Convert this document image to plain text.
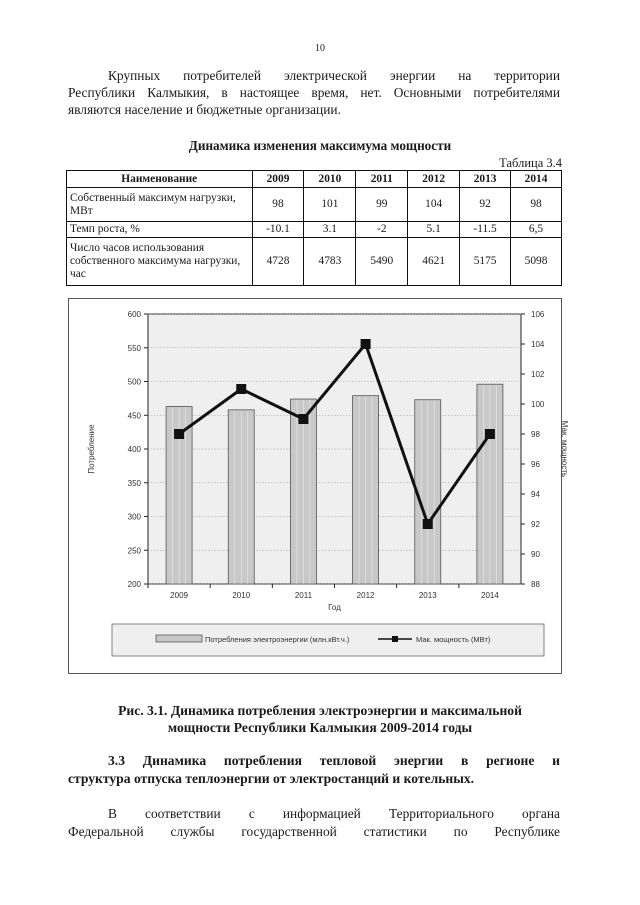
10

Крупных потребителей электрической энергии на территории
Республики Калмыкия, в настоящее время, нет. Основными потребителями
являются население и бюджетные организации.

Динамика изменения максимума мощности
Таблица 3.4
Наименование	2009	2010	2011	2012	2013	2014
Собственный максимум нагрузки, МВт	98	101	99	104	92	98
Темп роста, %	-10.1	3.1	-2	5.1	-11.5	6,5
Число часов использования собственного максимума нагрузки, час	4728	4783	5490	4621	5175	5098
200
250
300
350
400
450
500
550
600
88
90
92
94
96
98
100
102
104
106
2009	2010	2011	2012	2013	2014
Год
Потребление	Мак. мощность
Потребления электроэнергии (млн.кВт.ч.)	Мак. мощность (МВт)
Рис. 3.1. Динамика потребления электроэнергии и максимальной
мощности Республики Калмыкия 2009-2014 годы

3.3 Динамика потребления тепловой энергии в регионе и
структура отпуска теплоэнергии от электростанций и котельных.

В соответствии с информацией Территориального органа
Федеральной службы государственной статистики по Республике
